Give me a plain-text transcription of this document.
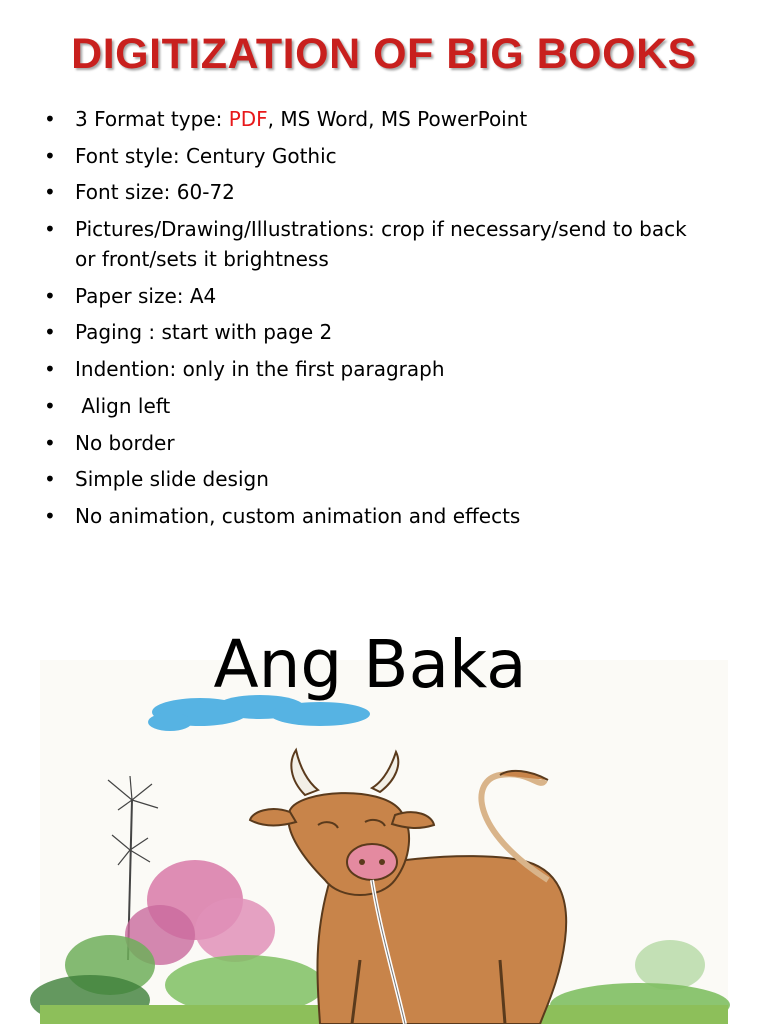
DIGITIZATION OF BIG BOOKS
• 3 Format type: PDF, MS Word, MS PowerPoint
• Font style: Century Gothic
• Font size: 60-72
• Pictures/Drawing/Illustrations: crop if necessary/send to back
or front/sets it brightness
• Paper size: A4
• Paging : start with page 2
• Indention: only in the first paragraph
• Align left
• No border
• Simple slide design
• No animation, custom animation and effects
Ang Baka
